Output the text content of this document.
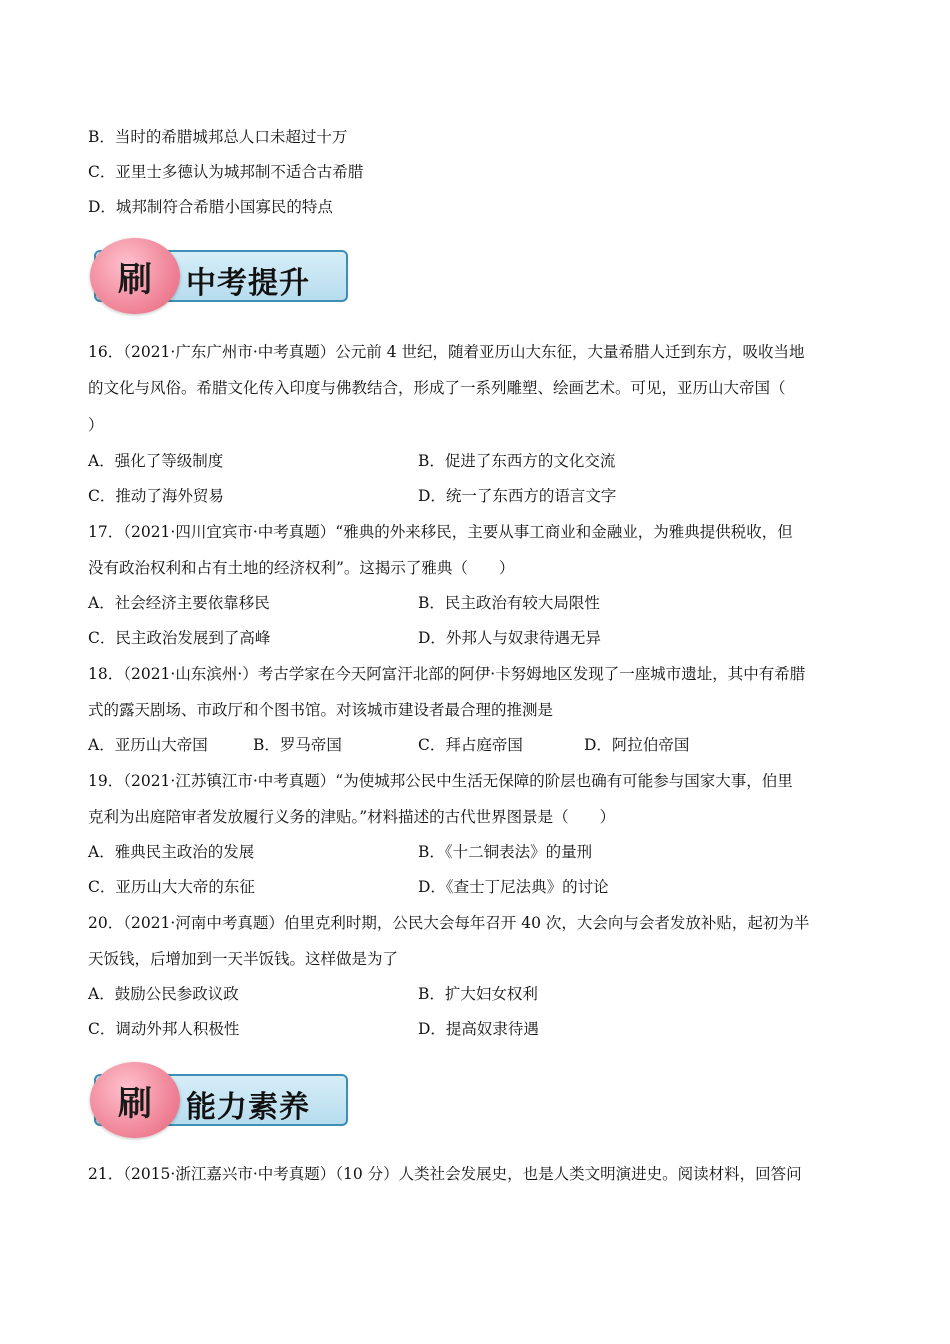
B．当时的希腊城邦总人口未超过十万
C．亚里士多德认为城邦制不适合古希腊
D．城邦制符合希腊小国寡民的特点
刷	中考提升
16．（2021·广东广州市·中考真题）公元前 4 世纪，随着亚历山大东征，大量希腊人迁到东方，吸收当地
的文化与风俗。希腊文化传入印度与佛教结合，形成了一系列雕塑、绘画艺术。可见，亚历山大帝国（
）
A．强化了等级制度	B．促进了东西方的文化交流
C．推动了海外贸易	D．统一了东西方的语言文字
17．（2021·四川宜宾市·中考真题）“雅典的外来移民，主要从事工商业和金融业，为雅典提供税收，但
没有政治权利和占有土地的经济权利”。这揭示了雅典（　　）
A．社会经济主要依靠移民	B．民主政治有较大局限性
C．民主政治发展到了高峰	D．外邦人与奴隶待遇无异
18．（2021·山东滨州·）考古学家在今天阿富汗北部的阿伊·卡努姆地区发现了一座城市遗址，其中有希腊
式的露天剧场、市政厅和个图书馆。对该城市建设者最合理的推测是
A．亚历山大帝国	B．罗马帝国	C．拜占庭帝国	D．阿拉伯帝国
19．（2021·江苏镇江市·中考真题）“为使城邦公民中生活无保障的阶层也确有可能参与国家大事，伯里
克利为出庭陪审者发放履行义务的津贴。”材料描述的古代世界图景是（　　）
A．雅典民主政治的发展	B．《十二铜表法》的量刑
C．亚历山大大帝的东征	D．《查士丁尼法典》的讨论
20．（2021·河南中考真题）伯里克利时期，公民大会每年召开 40 次，大会向与会者发放补贴，起初为半
天饭钱，后增加到一天半饭钱。这样做是为了
A．鼓励公民参政议政	B．扩大妇女权利
C．调动外邦人积极性	D．提高奴隶待遇
刷	能力素养
21．（2015·浙江嘉兴市·中考真题）（10 分）人类社会发展史，也是人类文明演进史。阅读材料，回答问
